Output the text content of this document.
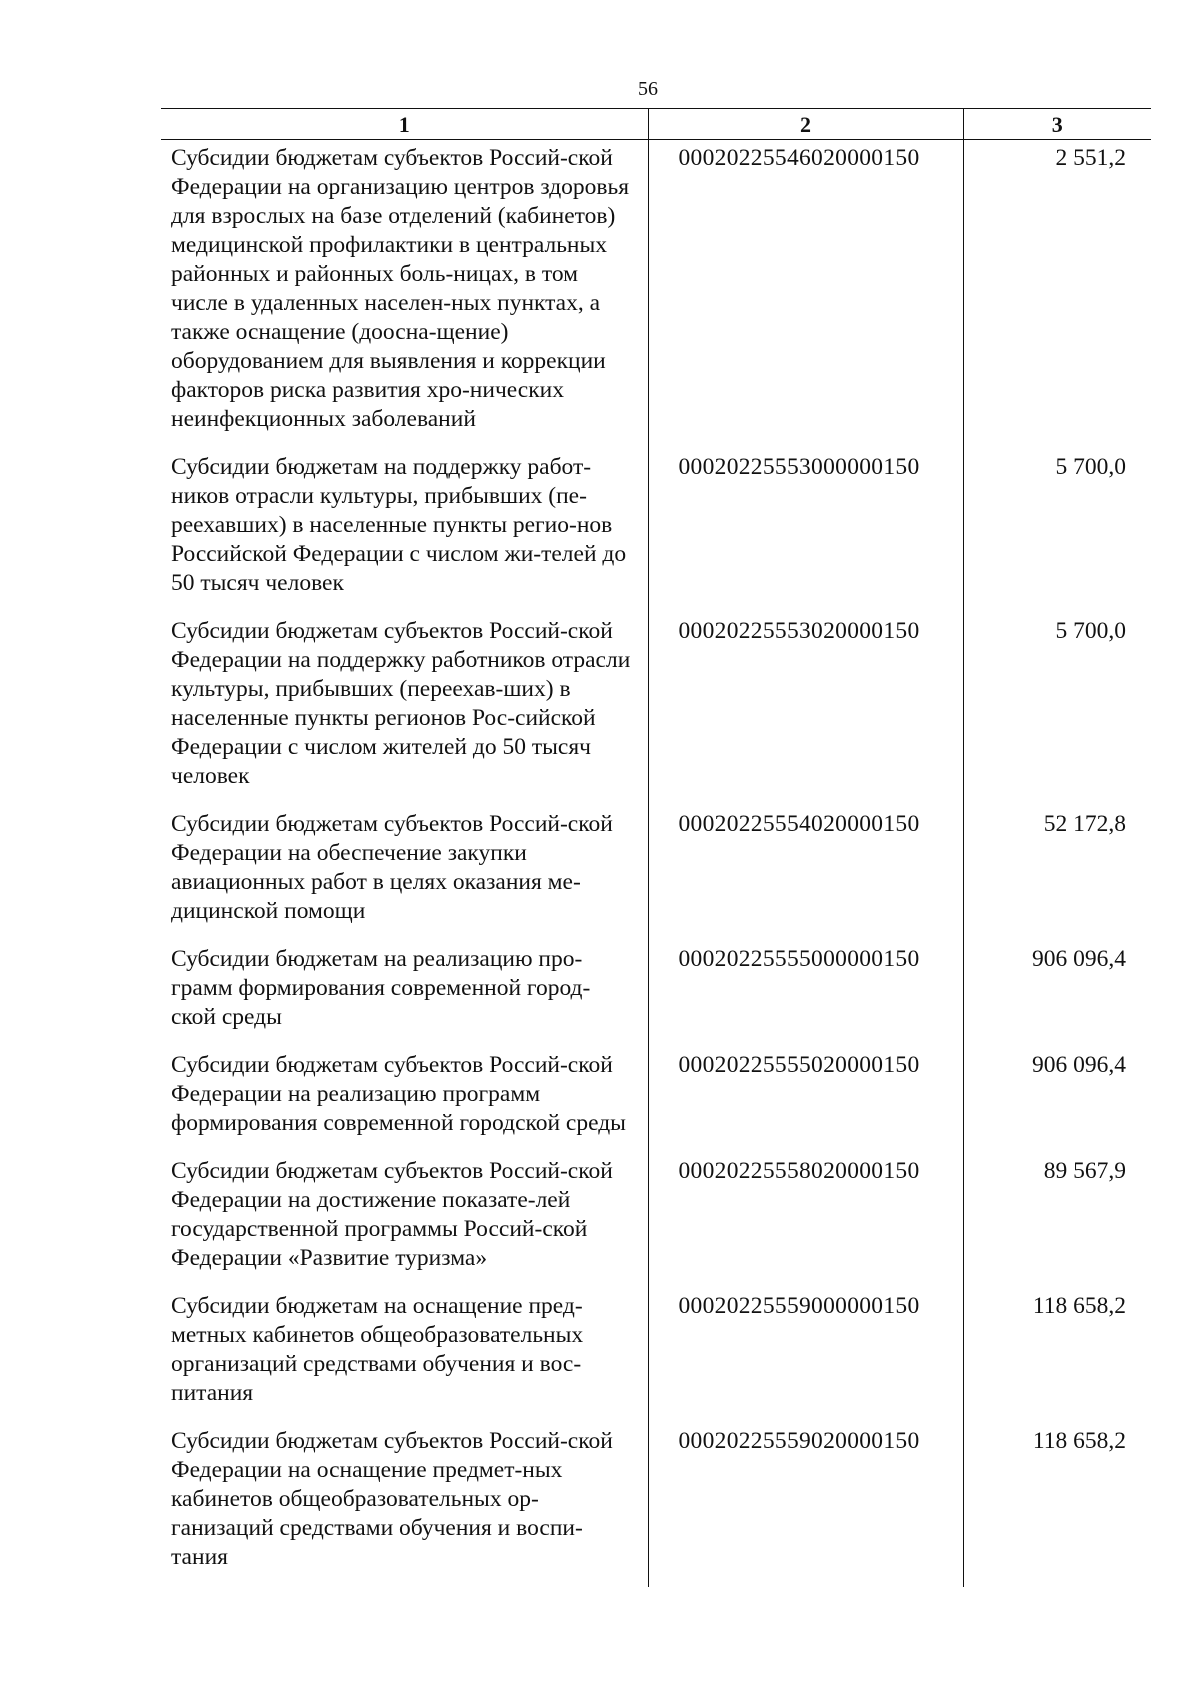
56
1	2	3
Субсидии бюджетам субъектов Россий-ской Федерации на организацию центров здоровья для взрослых на базе отделений (кабинетов) медицинской профилактики в центральных районных и районных боль-ницах, в том числе в удаленных населен-ных пунктах, а также оснащение (доосна-щение) оборудованием для выявления и коррекции факторов риска развития хро-нических неинфекционных заболеваний	00020225546020000150	2 551,2
Субсидии бюджетам на поддержку работ-ников отрасли культуры, прибывших (пе-реехавших) в населенные пункты регио-нов Российской Федерации с числом жи-телей до 50 тысяч человек	00020225553000000150	5 700,0
Субсидии бюджетам субъектов Россий-ской Федерации на поддержку работников отрасли культуры, прибывших (переехав-ших) в населенные пункты регионов Рос-сийской Федерации с числом жителей до 50 тысяч человек	00020225553020000150	5 700,0
Субсидии бюджетам субъектов Россий-ской Федерации на обеспечение закупки авиационных работ в целях оказания ме-дицинской помощи	00020225554020000150	52 172,8
Субсидии бюджетам на реализацию про-грамм формирования современной город-ской среды	00020225555000000150	906 096,4
Субсидии бюджетам субъектов Россий-ской Федерации на реализацию программ формирования современной городской среды	00020225555020000150	906 096,4
Субсидии бюджетам субъектов Россий-ской Федерации на достижение показате-лей государственной программы Россий-ской Федерации «Развитие туризма»	00020225558020000150	89 567,9
Субсидии бюджетам на оснащение пред-метных кабинетов общеобразовательных организаций средствами обучения и вос-питания	00020225559000000150	118 658,2
Субсидии бюджетам субъектов Россий-ской Федерации на оснащение предмет-ных кабинетов общеобразовательных ор-ганизаций средствами обучения и воспи-тания	00020225559020000150	118 658,2
